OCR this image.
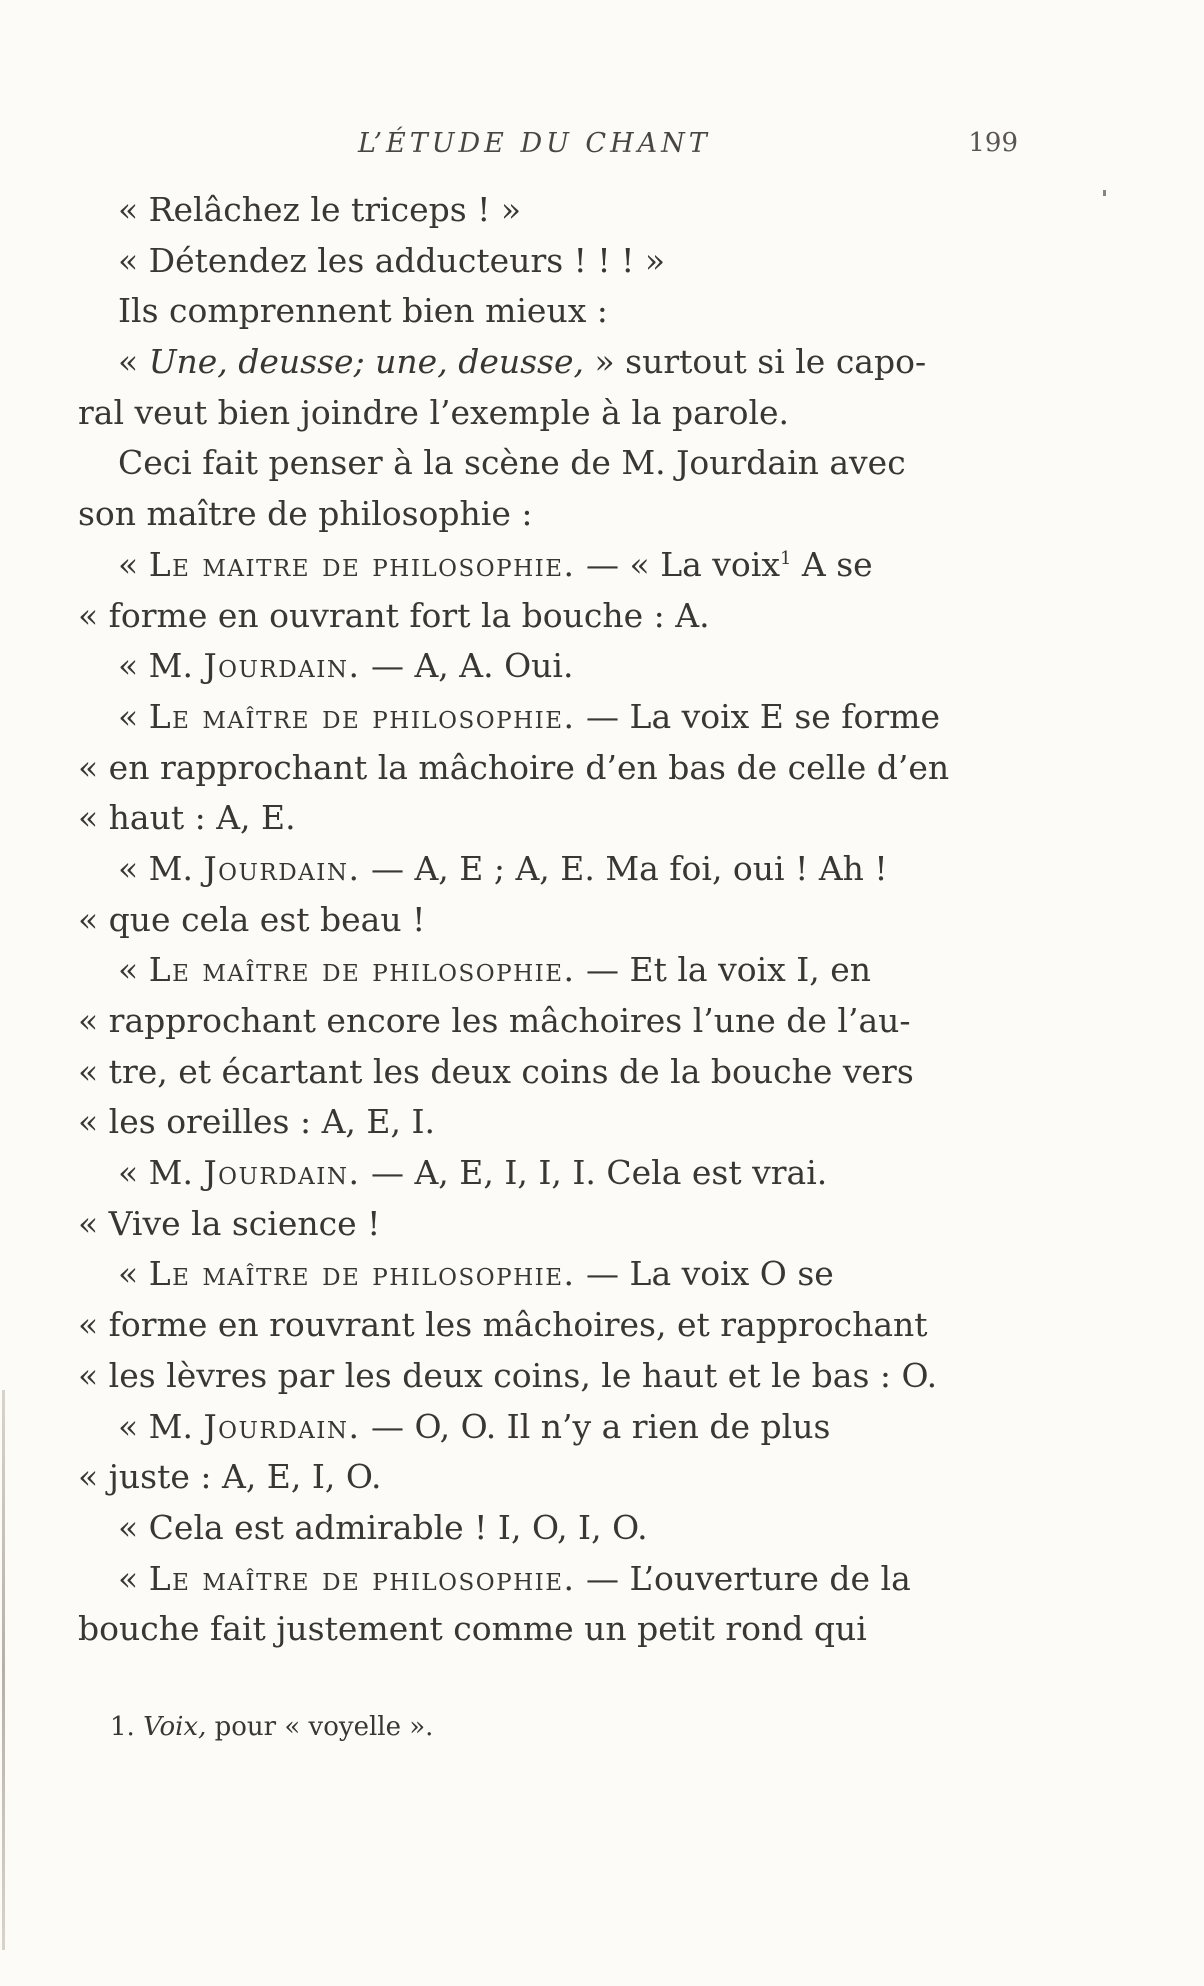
L’ÉTUDE DU CHANT	199
« Relâchez le triceps ! »
« Détendez les adducteurs ! ! ! »
Ils comprennent bien mieux :
« Une, deusse; une, deusse, » surtout si le capo-
ral veut bien joindre l’exemple à la parole.
Ceci fait penser à la scène de M. Jourdain avec
son maître de philosophie :
« Le maitre de philosophie. — « La voix$^1$ A se
« forme en ouvrant fort la bouche : A.
« M. Jourdain. — A, A. Oui.
« Le maître de philosophie. — La voix E se forme
« en rapprochant la mâchoire d’en bas de celle d’en
« haut : A, E.
« M. Jourdain. — A, E ; A, E. Ma foi, oui ! Ah !
« que cela est beau !
« Le maître de philosophie. — Et la voix I, en
« rapprochant encore les mâchoires l’une de l’au-
« tre, et écartant les deux coins de la bouche vers
« les oreilles : A, E, I.
« M. Jourdain. — A, E, I, I, I. Cela est vrai.
« Vive la science !
« Le maître de philosophie. — La voix O se
« forme en rouvrant les mâchoires, et rapprochant
« les lèvres par les deux coins, le haut et le bas : O.
« M. Jourdain. — O, O. Il n’y a rien de plus
« juste : A, E, I, O.
« Cela est admirable ! I, O, I, O.
« Le maître de philosophie. — L’ouverture de la
bouche fait justement comme un petit rond qui
1. Voix, pour « voyelle ».
